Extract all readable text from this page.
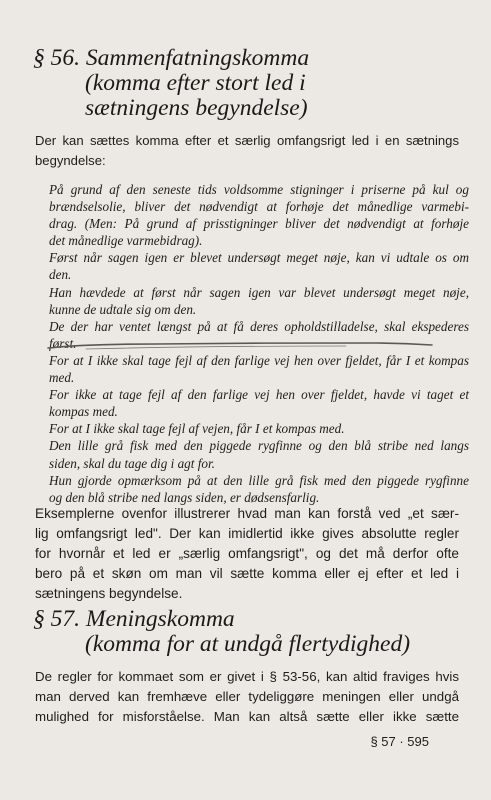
§ 56. Sammenfatningskomma
(komma efter stort led i
sætningens begyndelse)
Der kan sættes komma efter et særlig omfangsrigt led i en sætnings
begyndelse:
På grund af den seneste tids voldsomme stigninger i priserne på kul og
brændselsolie, bliver det nødvendigt at forhøje det månedlige varmebi-
drag. (Men: På grund af prisstigninger bliver det nødvendigt at forhøje
det månedlige varmebidrag).
Først når sagen igen er blevet undersøgt meget nøje, kan vi udtale os om
den.
Han hævdede at først når sagen igen var blevet undersøgt meget nøje,
kunne de udtale sig om den.
De der har ventet længst på at få deres opholdstilladelse, skal ekspederes
først.
For at I ikke skal tage fejl af den farlige vej hen over fjeldet, får I et kompas
med.
For ikke at tage fejl af den farlige vej hen over fjeldet, havde vi taget et
kompas med.
For at I ikke skal tage fejl af vejen, får I et kompas med.
Den lille grå fisk med den piggede rygfinne og den blå stribe ned langs
siden, skal du tage dig i agt for.
Hun gjorde opmærksom på at den lille grå fisk med den piggede rygfinne
og den blå stribe ned langs siden, er dødsensfarlig.
Eksemplerne ovenfor illustrerer hvad man kan forstå ved „et sær-
lig omfangsrigt led". Der kan imidlertid ikke gives absolutte regler
for hvornår et led er „særlig omfangsrigt", og det må derfor ofte
bero på et skøn om man vil sætte komma eller ej efter et led i
sætningens begyndelse.
§ 57. Meningskomma
(komma for at undgå flertydighed)
De regler for kommaet som er givet i § 53-56, kan altid fraviges hvis
man derved kan fremhæve eller tydeliggøre meningen eller undgå
mulighed for misforståelse. Man kan altså sætte eller ikke sætte
§ 57 · 595
